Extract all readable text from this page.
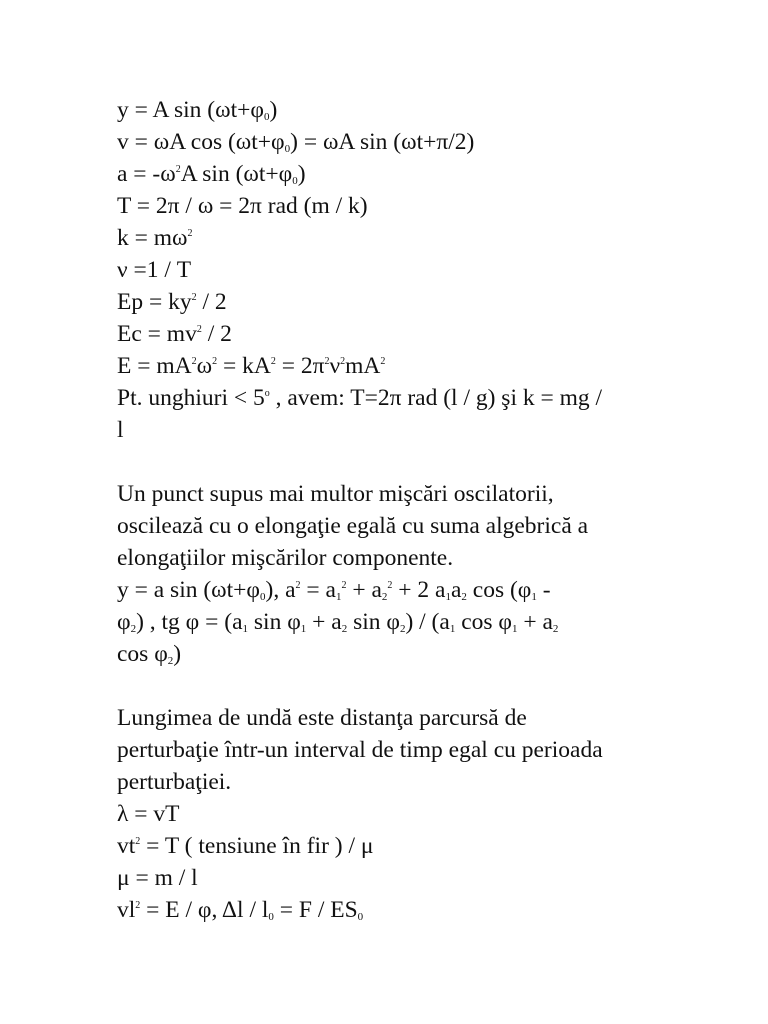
y = A $\sin (\omega t+\varphi_0)$
v = ωA $\cos (\omega t+\varphi_0) = \omega A$ sin (ωt+π/2)
$a = -\omega^2A$ $\sin (\omega t+\varphi_0)$
T = 2π / ω = 2π rad (m / k)
$k = m\omega^2$
ν =1 / T
$Ep = ky^2 / 2$
$Ec = mv^2 / 2$
$E = mA^2\omega^2 = kA^2 = 2\pi^2\nu^2mA^2$
Pt. unghiuri < $5^o$ , avem: T=2π rad (l / g) şi k = mg /
l
Un punct supus mai multor mişcări oscilatorii,
oscilează cu o elongaţie egală cu suma algebrică a
elongaţiilor mişcărilor componente.
y = a $\sin (\omega t+\varphi_0)$, $a^2 = a_1^2 + a_2^2 + 2$ $a_1a_2$ $\cos (\varphi_1$ -
$\varphi_2$) , tg $\varphi = (a_1$ $\sin \varphi_1 + a_2$ $\sin \varphi_2) / (a_1$ $\cos \varphi_1 + a_2$
$\cos \varphi_2$)
Lungimea de undă este distanţa parcursă de
perturbaţie într-un interval de timp egal cu perioada
perturbaţiei.
λ = vT
$vt^2 = T$ ( tensiune în fir ) / μ
μ = m / l
$vl^2 = E / \varphi$, $\Delta l / l_0 = F / ES_0$
